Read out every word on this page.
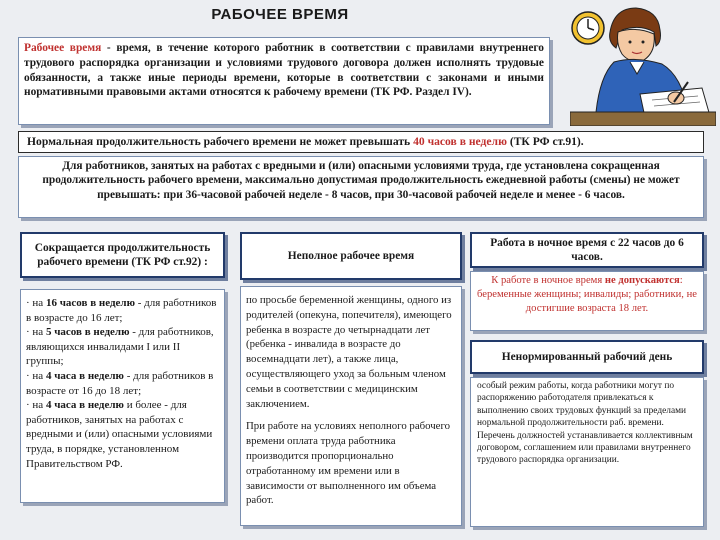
РАБОЧЕЕ ВРЕМЯ
Рабочее время - время, в течение которого работник в соответствии с правилами внутреннего трудового распорядка организации и условиями трудового договора должен исполнять трудовые обязанности, а также иные периоды времени, которые в соответствии с законами и иными нормативными правовыми актами относятся к рабочему времени (ТК РФ. Раздел IV).
Нормальная продолжительность рабочего времени не может превышать 40 часов в неделю (ТК РФ ст.91).
Для работников, занятых на работах с вредными и (или) опасными условиями труда, где установлена сокращенная продолжительность рабочего времени, максимально допустимая продолжительность ежедневной работы (смены) не может превышать: при 36-часовой рабочей неделе - 8 часов, при 30-часовой рабочей неделе и менее - 6 часов.
Сокращается продолжительность рабочего времени (ТК РФ ст.92) :

· на 16 часов в неделю - для работников в возрасте до 16 лет;

· на 5 часов в неделю - для работников, являющихся инвалидами I или II группы;

· на 4 часа в неделю - для работников в возрасте от 16 до 18 лет;

· на 4 часа в неделю и более - для работников, занятых на работах с вредными и (или) опасными условиями труда, в порядке, установленном Правительством РФ.

Неполное рабочее время

по просьбе беременной женщины, одного из родителей (опекуна, попечителя), имеющего ребенка в возрасте до четырнадцати лет (ребенка - инвалида в возрасте до восемнадцати лет), а также лица, осуществляющего уход за больным членом семьи в соответствии с медицинским заключением.

При работе на условиях неполного рабочего времени оплата труда работника производится пропорционально отработанному им времени или в зависимости от выполненного им объема работ.

Работа в ночное время с 22 часов до 6 часов.
К работе в ночное время не допускаются: беременные женщины; инвалиды; работники, не достигшие возраста 18 лет.
Ненормированный рабочий день
особый режим работы, когда работники могут по распоряжению работодателя привлекаться к выполнению своих трудовых функций за пределами нормальной продолжительности раб. времени. Перечень должностей устанавливается коллективным договором, соглашением или правилами внутреннего трудового распорядка организации.
